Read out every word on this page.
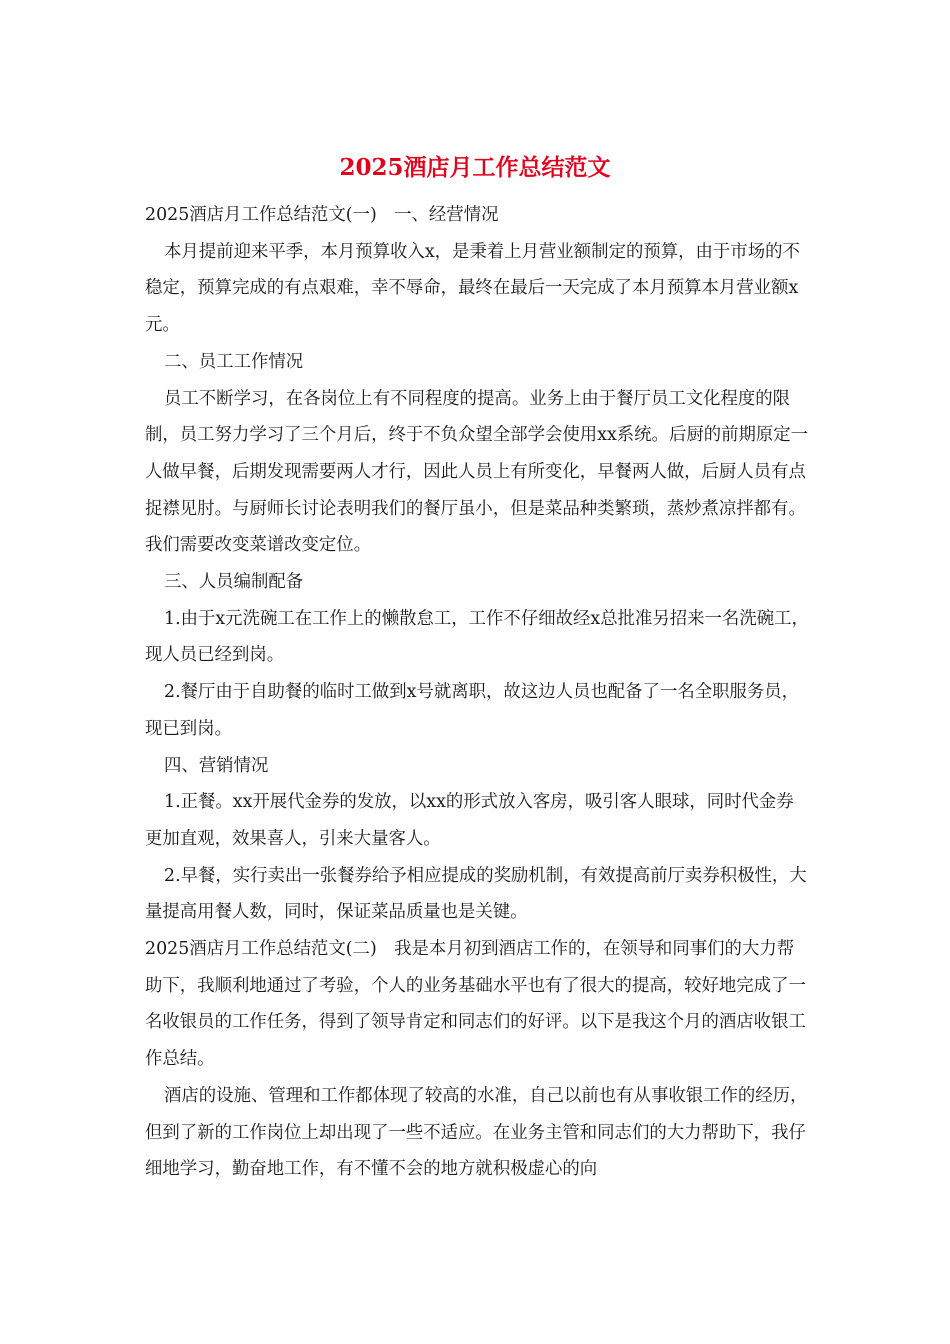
2025酒店月工作总结范文

2025酒店月工作总结范文(一)　一、经营情况

本月提前迎来平季，本月预算收入x，是秉着上月营业额制定的预算，由于市场的不稳定，预算完成的有点艰难，幸不辱命，最终在最后一天完成了本月预算本月营业额x元。

二、员工工作情况

员工不断学习，在各岗位上有不同程度的提高。业务上由于餐厅员工文化程度的限制，员工努力学习了三个月后，终于不负众望全部学会使用xx系统。后厨的前期原定一人做早餐，后期发现需要两人才行，因此人员上有所变化，早餐两人做，后厨人员有点捉襟见肘。与厨师长讨论表明我们的餐厅虽小，但是菜品种类繁琐，蒸炒煮凉拌都有。我们需要改变菜谱改变定位。

三、人员编制配备

1.由于x元洗碗工在工作上的懒散怠工，工作不仔细故经x总批准另招来一名洗碗工，现人员已经到岗。

2.餐厅由于自助餐的临时工做到x号就离职，故这边人员也配备了一名全职服务员，现已到岗。

四、营销情况

1.正餐。xx开展代金券的发放，以xx的形式放入客房，吸引客人眼球，同时代金券更加直观，效果喜人，引来大量客人。

2.早餐，实行卖出一张餐券给予相应提成的奖励机制，有效提高前厅卖券积极性，大量提高用餐人数，同时，保证菜品质量也是关键。

2025酒店月工作总结范文(二)　我是本月初到酒店工作的，在领导和同事们的大力帮助下，我顺利地通过了考验，个人的业务基础水平也有了很大的提高，较好地完成了一名收银员的工作任务，得到了领导肯定和同志们的好评。以下是我这个月的酒店收银工作总结。

酒店的设施、管理和工作都体现了较高的水准，自己以前也有从事收银工作的经历，但到了新的工作岗位上却出现了一些不适应。在业务主管和同志们的大力帮助下，我仔细地学习，勤奋地工作，有不懂不会的地方就积极虚心的向
